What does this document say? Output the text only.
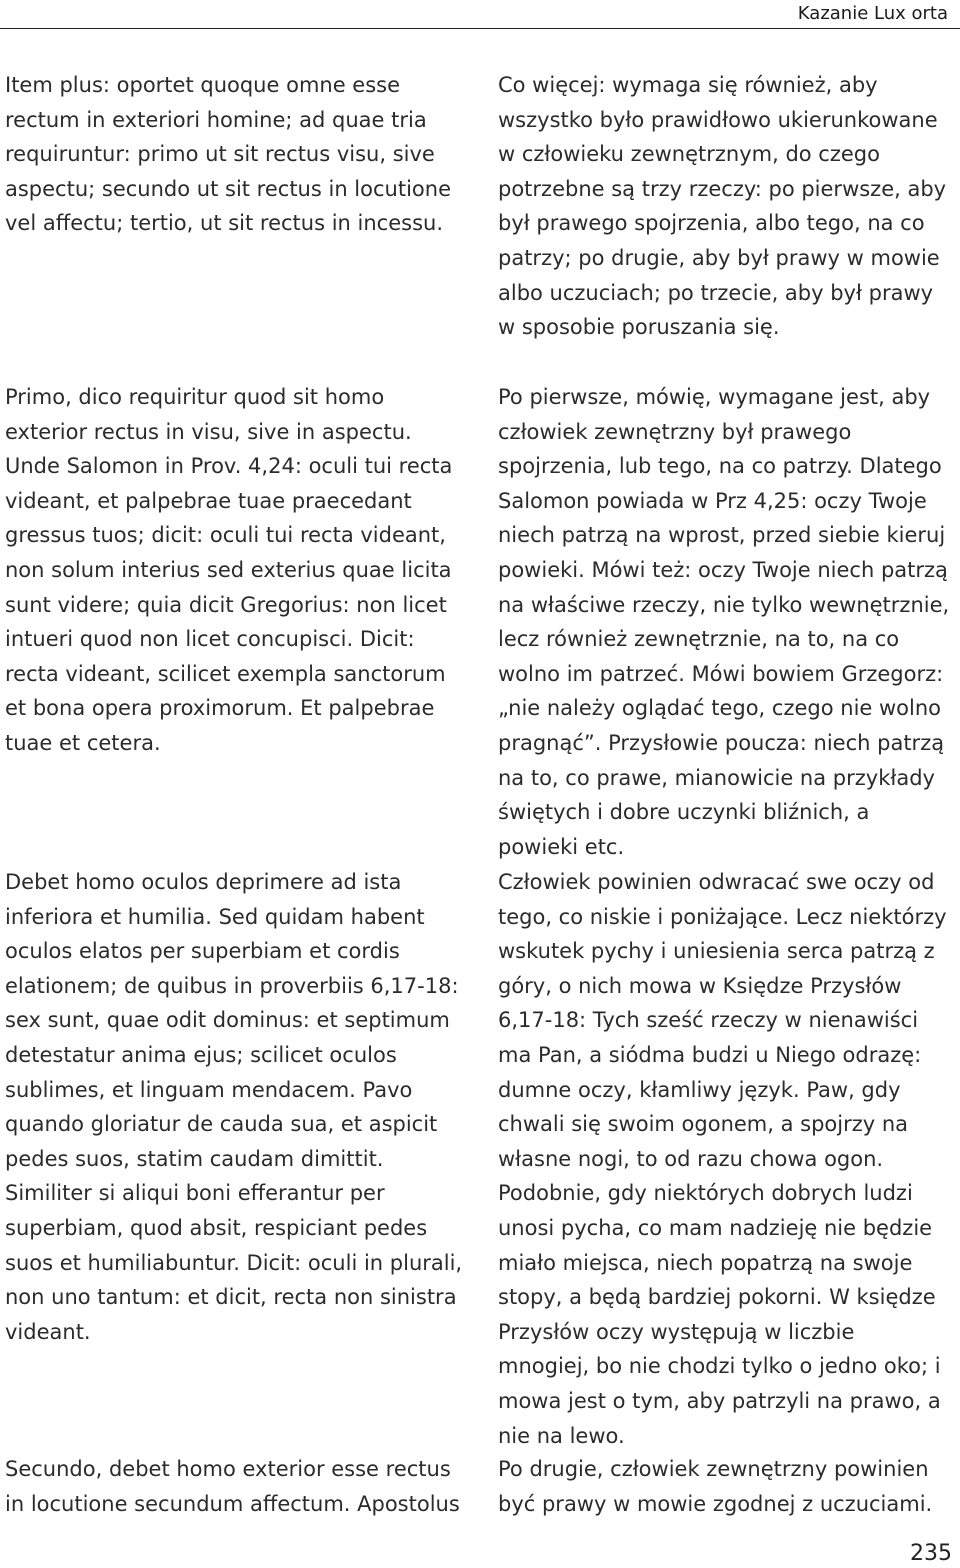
Kazanie Lux orta

Item plus: oportet quoque omne esse rectum in exteriori homine; ad quae tria requiruntur: primo ut sit rectus visu, sive aspectu; secundo ut sit rectus in locutione vel affectu; tertio, ut sit rectus in incessu.

Co więcej: wymaga się również, aby wszystko było prawidłowo ukierunkowane w człowieku zewnętrznym, do czego potrzebne są trzy rzeczy: po pierwsze, aby był prawego spojrzenia, albo tego, na co patrzy; po drugie, aby był prawy w mowie albo uczuciach; po trzecie, aby był prawy w sposobie poruszania się.

Primo, dico requiritur quod sit homo exterior rectus in visu, sive in aspectu. Unde Salomon in Prov. 4,24: oculi tui recta videant, et palpebrae tuae praecedant gressus tuos; dicit: oculi tui recta videant, non solum interius sed exterius quae licita sunt videre; quia dicit Gregorius: non licet intueri quod non licet concupisci. Dicit: recta videant, scilicet exempla sanctorum et bona opera proximorum. Et palpebrae tuae et cetera.

Po pierwsze, mówię, wymagane jest, aby człowiek zewnętrzny był prawego spojrzenia, lub tego, na co patrzy. Dlatego Salomon powiada w Prz 4,25: oczy Twoje niech patrzą na wprost, przed siebie kieruj powieki. Mówi też: oczy Twoje niech patrzą na właściwe rzeczy, nie tylko wewnętrznie, lecz również zewnętrznie, na to, na co wolno im patrzeć. Mówi bowiem Grzegorz: „nie należy oglądać tego, czego nie wolno pragnąć”. Przysłowie poucza: niech patrzą na to, co prawe, mianowicie na przykłady świętych i dobre uczynki bliźnich, a powieki etc.

Debet homo oculos deprimere ad ista inferiora et humilia. Sed quidam habent oculos elatos per superbiam et cordis elationem; de quibus in proverbiis 6,17-18: sex sunt, quae odit dominus: et septimum detestatur anima ejus; scilicet oculos sublimes, et linguam mendacem. Pavo quando gloriatur de cauda sua, et aspicit pedes suos, statim caudam dimittit. Similiter si aliqui boni efferantur per superbiam, quod absit, respiciant pedes suos et humiliabuntur. Dicit: oculi in plurali, non uno tantum: et dicit, recta non sinistra videant.

Człowiek powinien odwracać swe oczy od tego, co niskie i poniżające. Lecz niektórzy wskutek pychy i uniesienia serca patrzą z góry, o nich mowa w Księdze Przysłów 6,17-18: Tych sześć rzeczy w nienawiści ma Pan, a siódma budzi u Niego odrazę: dumne oczy, kłamliwy język. Paw, gdy chwali się swoim ogonem, a spojrzy na własne nogi, to od razu chowa ogon. Podobnie, gdy niektórych dobrych ludzi unosi pycha, co mam nadzieję nie będzie miało miejsca, niech popatrzą na swoje stopy, a będą bardziej pokorni. W księdze Przysłów oczy występują w liczbie mnogiej, bo nie chodzi tylko o jedno oko; i mowa jest o tym, aby patrzyli na prawo, a nie na lewo.

Secundo, debet homo exterior esse rectus in locutione secundum affectum. Apostolus

Po drugie, człowiek zewnętrzny powinien być prawy w mowie zgodnej z uczuciami.

235
